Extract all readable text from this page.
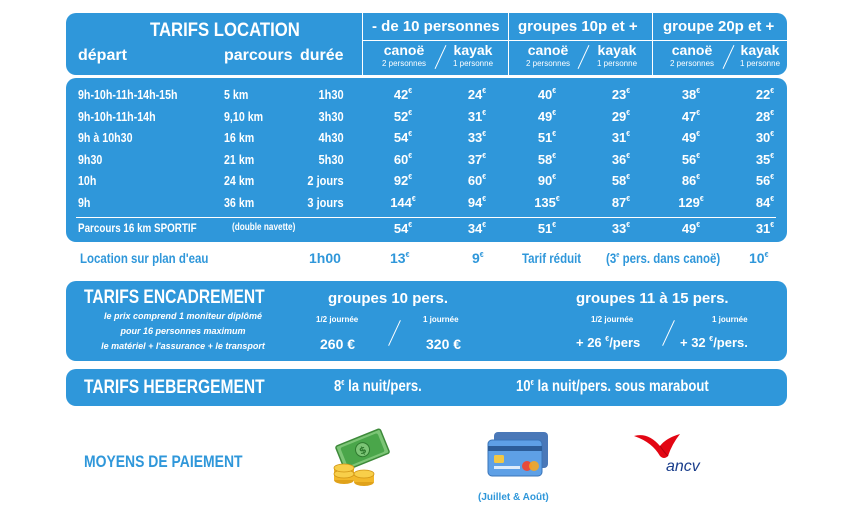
TARIFS LOCATION
départ	parcours durée
- de 10 personnes groupes 10p et + groupe 20p et +
canoë
2 personnes
kayak
1 personne
canoë
2 personnes
kayak
1 personne
canoë
2 personnes
kayak
1 personne
9h-10h-11h-14h-15h	5 km	1h30	42€	24€	40€	23€	38€	22€
9h-10h-11h-14h	9,10 km	3h30	52€	31€	49€	29€	47€	28€
9h à 10h30	16 km	4h30	54€	33€	51€	31€	49€	30€
9h30	21 km	5h30	60€	37€	58€	36€	56€	35€
10h	24 km	2 jours	92€	60€	90€	58€	86€	56€
9h	36 km	3 jours	144€	94€	135€	87€	129€	84€
Parcours 16 km SPORTIF	(double navette)	54€	34€	51€	33€	49€	31€
Location sur plan d'eau	1h00	13€	9€	Tarif réduit	(3e pers. dans canoë)	10€
TARIFS ENCADREMENT
le prix comprend 1 moniteur diplômé
pour 16 personnes maximum
le matériel + l'assurance + le transport
groupes 10 pers.
1/2 journée	1 journée
260 €	320 €
groupes 11 à 15 pers.
1/2 journée	1 journée
+ 26 €/pers	+ 32 €/pers.
TARIFS HEBERGEMENT	8€ la nuit/pers.	10€ la nuit/pers. sous marabout
MOYENS DE PAIEMENT
$
(Juillet & Août)
ancv
